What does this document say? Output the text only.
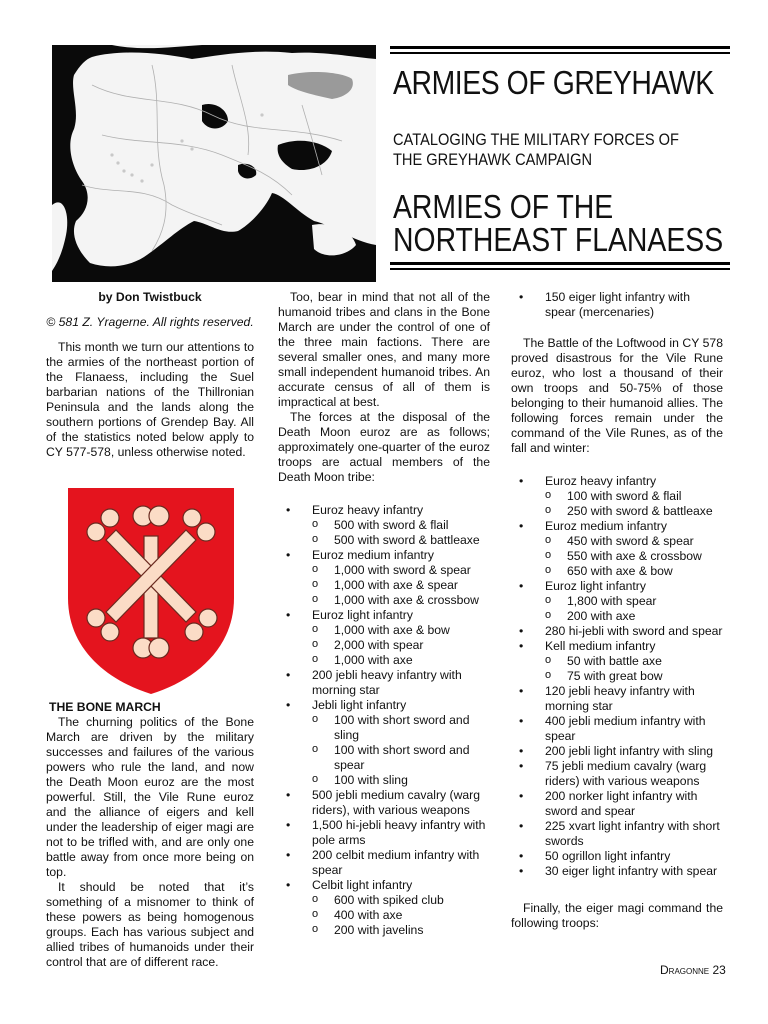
ARMIES OF GREYHAWK
CATALOGING THE MILITARY FORCES OF THE GREYHAWK CAMPAIGN
ARMIES OF THE NORTHEAST FLANAESS

by Don Twistbuck

© 581 Z. Yragerne. All rights reserved.

This month we turn our attentions to the armies of the northeast portion of the Flanaess, including the Suel barbarian nations of the Thillronian Peninsula and the lands along the southern portions of Grendep Bay. All of the statistics noted below apply to CY 577-578, unless otherwise noted.

THE BONE MARCH

The churning politics of the Bone March are driven by the military successes and failures of the various powers who rule the land, and now the Death Moon euroz are the most powerful. Still, the Vile Rune euroz and the alliance of eigers and kell under the leadership of eiger magi are not to be trifled with, and are only one battle away from once more being on top.

It should be noted that it’s something of a misnomer to think of these powers as being homogenous groups. Each has various subject and allied tribes of humanoids under their control that are of different race.

Too, bear in mind that not all of the humanoid tribes and clans in the Bone March are under the control of one of the three main factions. There are several smaller ones, and many more small independent humanoid tribes. An accurate census of all of them is impractical at best.

The forces at the disposal of the Death Moon euroz are as follows; approximately one-quarter of the euroz troops are actual members of the Death Moon tribe:

• Euroz heavy infantry
o 500 with sword & flail
o 500 with sword & battleaxe
• Euroz medium infantry
o 1,000 with sword & spear
o 1,000 with axe & spear
o 1,000 with axe & crossbow
• Euroz light infantry
o 1,000 with axe & bow
o 2,000 with spear
o 1,000 with axe
• 200 jebli heavy infantry with morning star
• Jebli light infantry
o 100 with short sword and sling
o 100 with short sword and spear
o 100 with sling
• 500 jebli medium cavalry (warg riders), with various weapons
• 1,500 hi-jebli heavy infantry with pole arms
• 200 celbit medium infantry with spear
• Celbit light infantry
o 600 with spiked club
o 400 with axe
o 200 with javelins
• 150 eiger light infantry with spear (mercenaries)

The Battle of the Loftwood in CY 578 proved disastrous for the Vile Rune euroz, who lost a thousand of their own troops and 50-75% of those belonging to their humanoid allies. The following forces remain under the command of the Vile Runes, as of the fall and winter:

• Euroz heavy infantry
o 100 with sword & flail
o 250 with sword & battleaxe
• Euroz medium infantry
o 450 with sword & spear
o 550 with axe & crossbow
o 650 with axe & bow
• Euroz light infantry
o 1,800 with spear
o 200 with axe
• 280 hi-jebli with sword and spear
• Kell medium infantry
o 50 with battle axe
o 75 with great bow
• 120 jebli heavy infantry with morning star
• 400 jebli medium infantry with spear
• 200 jebli light infantry with sling
• 75 jebli medium cavalry (warg riders) with various weapons
• 200 norker light infantry with sword and spear
• 225 xvart light infantry with short swords
• 50 ogrillon light infantry
• 30 eiger light infantry with spear

Finally, the eiger magi command the following troops:

Dragonne 23
